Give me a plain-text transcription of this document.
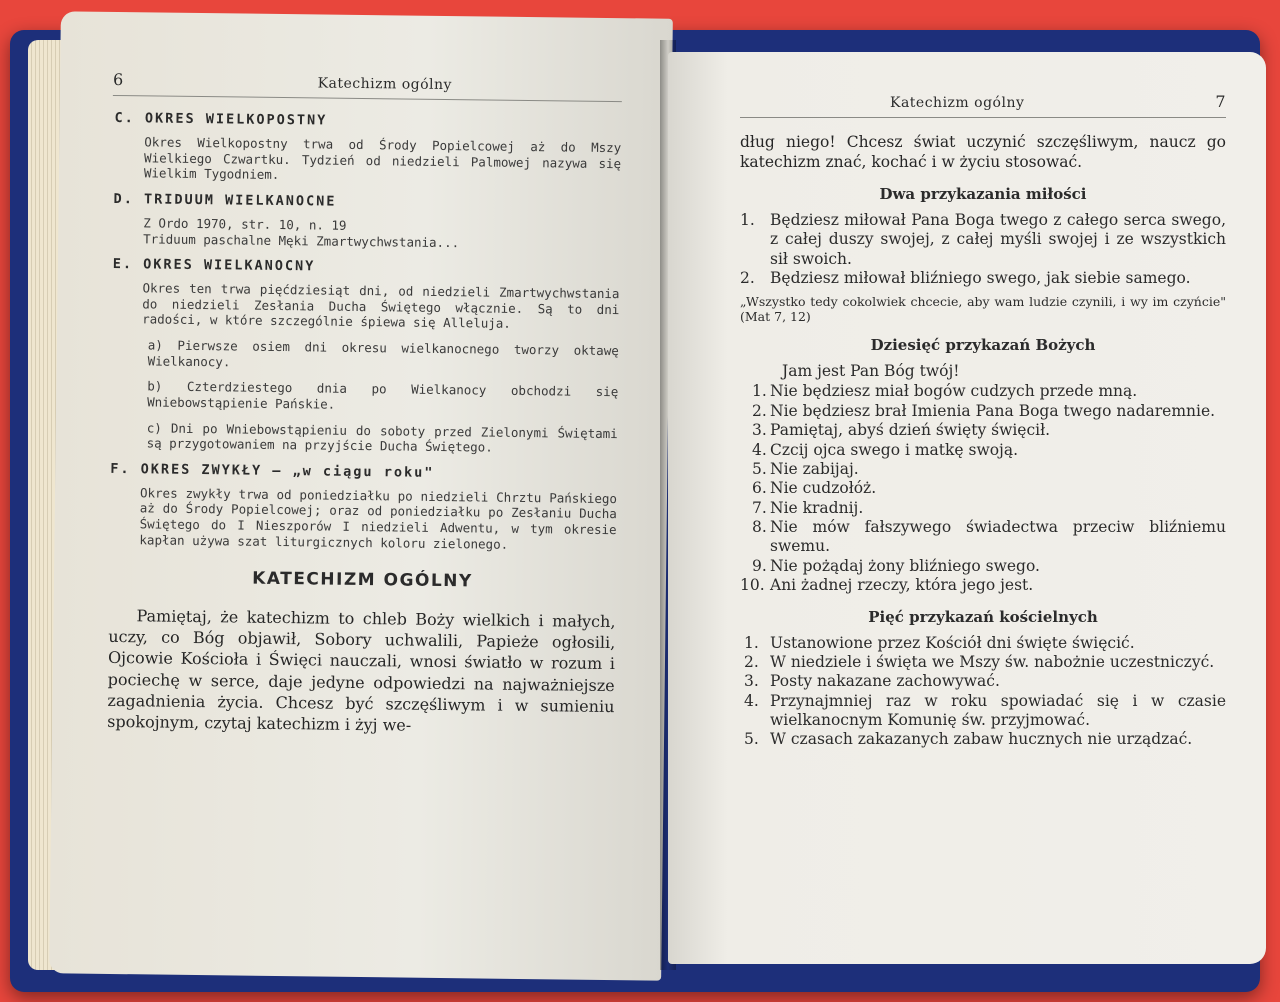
6	Katechizm ogólny
C. OKRES WIELKOPOSTNY

Okres Wielkopostny trwa od Środy Popielcowej aż do Mszy Wielkiego Czwartku. Tydzień od niedzieli Palmowej nazywa się Wielkim Tygodniem.

D. TRIDUUM WIELKANOCNE

Z Ordo 1970, str. 10, n. 19

Triduum paschalne Męki Zmartwychwstania...

E. OKRES WIELKANOCNY

Okres ten trwa pięćdziesiąt dni, od niedzieli Zmartwychwstania do niedzieli Zesłania Ducha Świętego włącznie. Są to dni radości, w które szczególnie śpiewa się Alleluja.

a) Pierwsze osiem dni okresu wielkanocnego tworzy oktawę Wielkanocy.

b) Czterdziestego dnia po Wielkanocy obchodzi się Wniebowstąpienie Pańskie.

c) Dni po Wniebowstąpieniu do soboty przed Zielonymi Świętami są przygotowaniem na przyjście Ducha Świętego.

F. OKRES ZWYKŁY — „w ciągu roku"

Okres zwykły trwa od poniedziałku po niedzieli Chrztu Pańskiego aż do Środy Popielcowej; oraz od poniedziałku po Zesłaniu Ducha Świętego do I Nieszporów I niedzieli Adwentu, w tym okresie kapłan używa szat liturgicznych koloru zielonego.

KATECHIZM OGÓLNY

Pamiętaj, że katechizm to chleb Boży wielkich i małych, uczy, co Bóg objawił, Sobory uchwalili, Papieże ogłosili, Ojcowie Kościoła i Święci nauczali, wnosi światło w rozum i pociechę w serce, daje jedyne odpowiedzi na najważniejsze zagadnienia życia. Chcesz być szczęśliwym i w sumieniu spokojnym, czytaj katechizm i żyj we-

Katechizm ogólny	7

dług niego! Chcesz świat uczynić szczęśliwym, naucz go katechizm znać, kochać i w życiu stosować.

Dwa przykazania miłości
1. Będziesz miłował Pana Boga twego z całego serca swego, z całej duszy swojej, z całej myśli swojej i ze wszystkich sił swoich.
2. Będziesz miłował bliźniego swego, jak siebie samego.

„Wszystko tedy cokolwiek chcecie, aby wam ludzie czynili, i wy im czyńcie" (Mat 7, 12)

Dziesięć przykazań Bożych
Jam jest Pan Bóg twój!
1. Nie będziesz miał bogów cudzych przede mną.
2. Nie będziesz brał Imienia Pana Boga twego nadaremnie.
3. Pamiętaj, abyś dzień święty święcił.
4. Czcij ojca swego i matkę swoją.
5. Nie zabijaj.
6. Nie cudzołóż.
7. Nie kradnij.
8. Nie mów fałszywego świadectwa przeciw bliźniemu swemu.
9. Nie pożądaj żony bliźniego swego.
10. Ani żadnej rzeczy, która jego jest.
Pięć przykazań kościelnych
1. Ustanowione przez Kościół dni święte święcić.
2. W niedziele i święta we Mszy św. nabożnie uczestniczyć.
3. Posty nakazane zachowywać.
4. Przynajmniej raz w roku spowiadać się i w czasie wielkanocnym Komunię św. przyjmować.
5. W czasach zakazanych zabaw hucznych nie urządzać.
